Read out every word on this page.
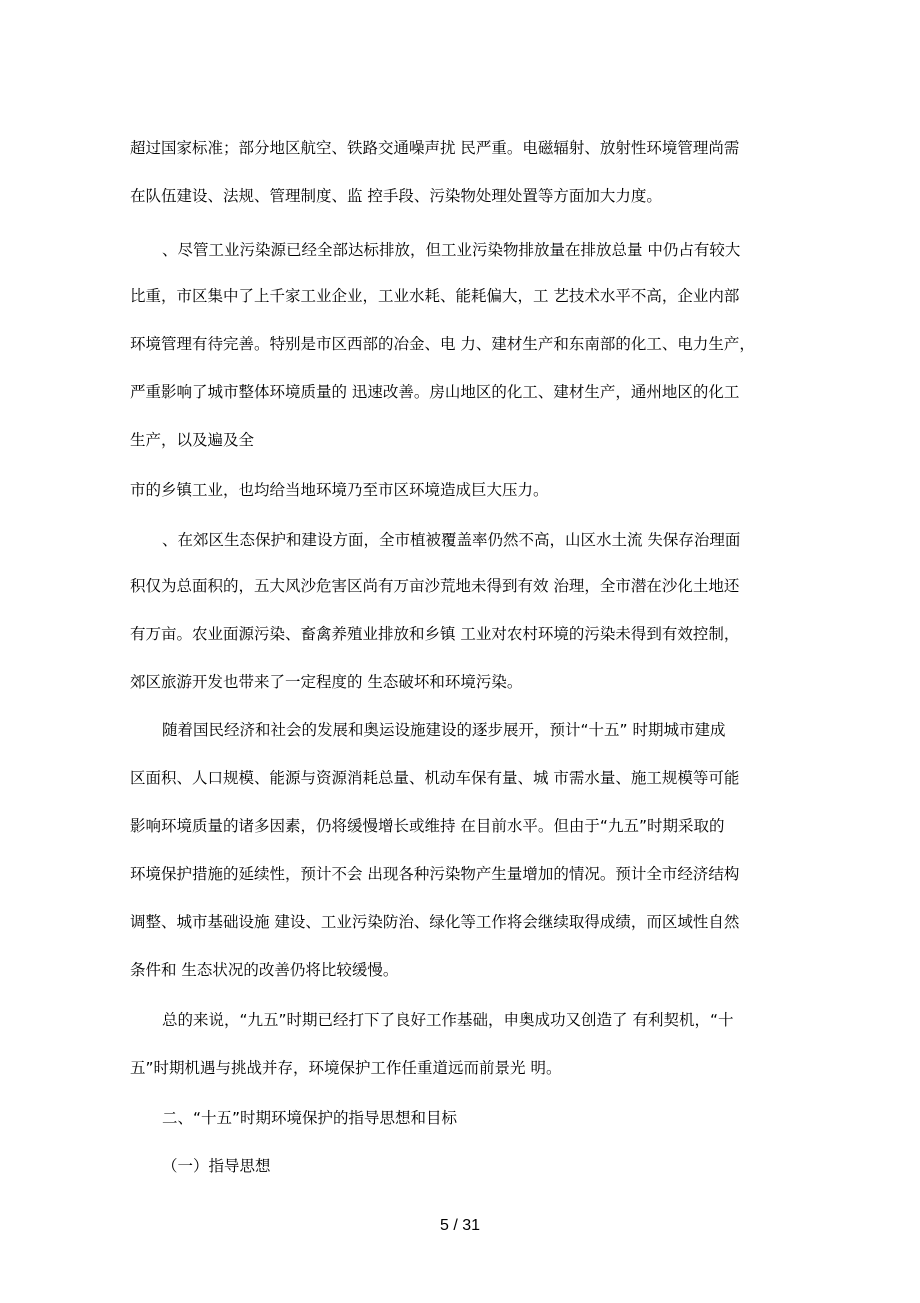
超过国家标准；部分地区航空、铁路交通噪声扰 民严重。电磁辐射、放射性环境管理尚需
在队伍建设、法规、管理制度、监 控手段、污染物处理处置等方面加大力度。
、尽管工业污染源已经全部达标排放，但工业污染物排放量在排放总量 中仍占有较大
比重，市区集中了上千家工业企业，工业水耗、能耗偏大，工 艺技术水平不高，企业内部
环境管理有待完善。特别是市区西部的冶金、电 力、建材生产和东南部的化工、电力生产，
严重影响了城市整体环境质量的 迅速改善。房山地区的化工、建材生产，通州地区的化工
生产，以及遍及全
市的乡镇工业，也均给当地环境乃至市区环境造成巨大压力。
、在郊区生态保护和建设方面，全市植被覆盖率仍然不高，山区水土流 失保存治理面
积仅为总面积的，五大风沙危害区尚有万亩沙荒地未得到有效 治理，全市潜在沙化土地还
有万亩。农业面源污染、畜禽养殖业排放和乡镇 工业对农村环境的污染未得到有效控制，
郊区旅游开发也带来了一定程度的 生态破坏和环境污染。
随着国民经济和社会的发展和奥运设施建设的逐步展开，预计“十五” 时期城市建成
区面积、人口规模、能源与资源消耗总量、机动车保有量、城 市需水量、施工规模等可能
影响环境质量的诸多因素，仍将缓慢增长或维持 在目前水平。但由于“九五”时期采取的
环境保护措施的延续性，预计不会 出现各种污染物产生量增加的情况。预计全市经济结构
调整、城市基础设施 建设、工业污染防治、绿化等工作将会继续取得成绩，而区域性自然
条件和 生态状况的改善仍将比较缓慢。
总的来说，“九五”时期已经打下了良好工作基础，申奥成功又创造了 有利契机，“十
五”时期机遇与挑战并存，环境保护工作任重道远而前景光 明。
二、“十五”时期环境保护的指导思想和目标
（一）指导思想
5 / 31
